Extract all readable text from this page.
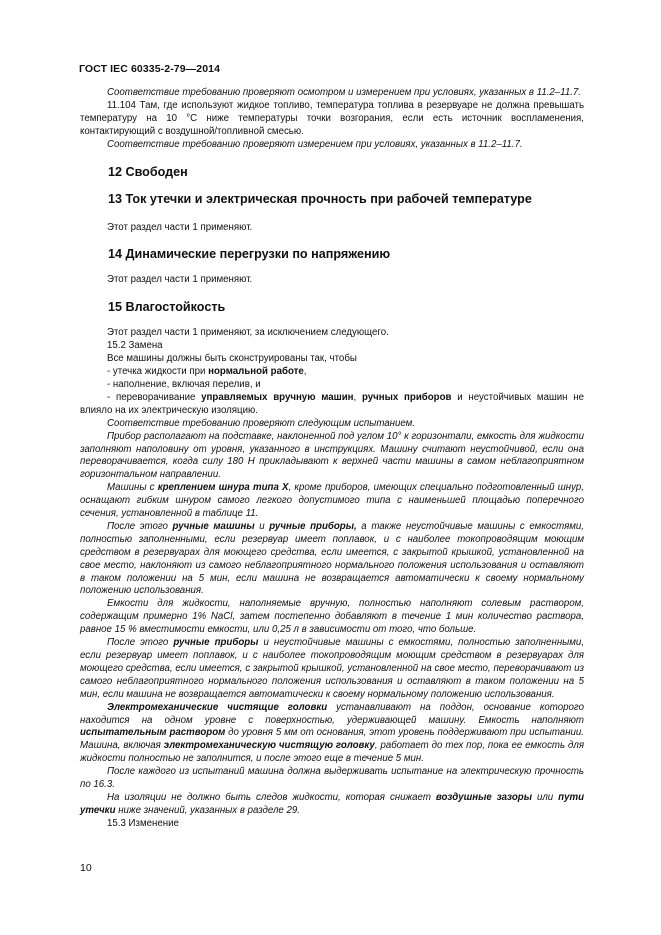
ГОСТ IEC 60335-2-79—2014

Соответствие требованию проверяют осмотром и измерением при условиях, указанных в 11.2–11.7.

11.104 Там, где используют жидкое топливо, температура топлива в резервуаре не должна превышать температуру на 10 °С ниже температуры точки возгорания, если есть источник воспламенения, контактирующий с воздушной/топливной смесью.

Соответствие требованию проверяют измерением при условиях, указанных в 11.2–11.7.

12 Свободен
13 Ток утечки и электрическая прочность при рабочей температуре

Этот раздел части 1 применяют.

14 Динамические перегрузки по напряжению

Этот раздел части 1 применяют.

15 Влагостойкость

Этот раздел части 1 применяют, за исключением следующего.

15.2 Замена

Все машины должны быть сконструированы так, чтобы

- утечка жидкости при нормальной работе,

- наполнение, включая перелив, и

- переворачивание управляемых вручную машин, ручных приборов и неустойчивых машин не влияло на их электрическую изоляцию.

Соответствие требованию проверяют следующим испытанием.

Прибор располагают на подставке, наклоненной под углом 10° к горизонтали, емкость для жидкости заполняют наполовину от уровня, указанного в инструкциях. Машину считают неустойчивой, если она переворачивается, когда силу 180 Н прикладывают к верхней части машины в самом неблагоприятном горизонтальном направлении.

Машины с креплением шнура типа X, кроме приборов, имеющих специально подготовленный шнур, оснащают гибким шнуром самого легкого допустимого типа с наименьшей площадью поперечного сечения, установленной в таблице 11.

После этого ручные машины и ручные приборы, а также неустойчивые машины с емкостями, полностью заполненными, если резервуар имеет поплавок, и с наиболее токопроводящим моющим средством в резервуарах для моющего средства, если имеется, с закрытой крышкой, установленной на свое место, наклоняют из самого неблагоприятного нормального положения использования и оставляют в таком положении на 5 мин, если машина не возвращается автоматически к своему нормальному положению использования.

Емкости для жидкости, наполняемые вручную, полностью наполняют солевым раствором, содержащим примерно 1% NaCl, затем постепенно добавляют в течение 1 мин количество раствора, равное 15 % вместимости емкости, или 0,25 л в зависимости от того, что больше.

После этого ручные приборы и неустойчивые машины с емкостями, полностью заполненными, если резервуар имеет поплавок, и с наиболее токопроводящим моющим средством в резервуарах для моющего средства, если имеется, с закрытой крышкой, установленной на свое место, переворачивают из самого неблагоприятного нормального положения использования и оставляют в таком положении на 5 мин, если машина не возвращается автоматически к своему нормальному положению использования.

Электромеханические чистящие головки устанавливают на поддон, основание которого находится на одном уровне с поверхностью, удерживающей машину. Емкость наполняют испытательным раствором до уровня 5 мм от основания, этот уровень поддерживают при испытании. Машина, включая электромеханическую чистящую головку, работает до тех пор, пока ее емкость для жидкости полностью не заполнится, и после этого еще в течение 5 мин.

После каждого из испытаний машина должна выдерживать испытание на электрическую прочность по 16.3.

На изоляции не должно быть следов жидкости, которая снижает воздушные зазоры или пути утечки ниже значений, указанных в разделе 29.

15.3 Изменение

10
